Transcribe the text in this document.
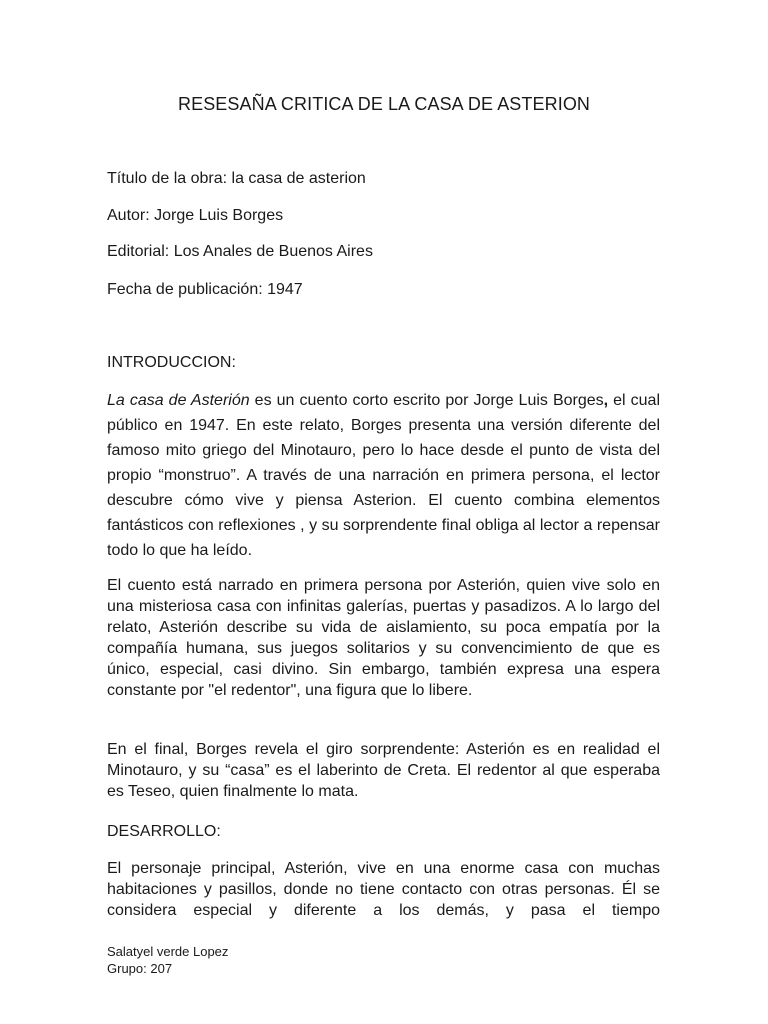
RESESAÑA CRITICA DE LA CASA DE ASTERION
Título de la obra: la casa de asterion
Autor: Jorge Luis Borges
Editorial: Los Anales de Buenos Aires
Fecha de publicación: 1947
INTRODUCCION:
La casa de Asterión es un cuento corto escrito por Jorge Luis Borges, el cual público en 1947. En este relato, Borges presenta una versión diferente del famoso mito griego del Minotauro, pero lo hace desde el punto de vista del propio “monstruo”. A través de una narración en primera persona, el lector descubre cómo vive y piensa Asterion. El cuento combina elementos fantásticos con reflexiones , y su sorprendente final obliga al lector a repensar todo lo que ha leído.
El cuento está narrado en primera persona por Asterión, quien vive solo en una misteriosa casa con infinitas galerías, puertas y pasadizos. A lo largo del relato, Asterión describe su vida de aislamiento, su poca empatía por la compañía humana, sus juegos solitarios y su convencimiento de que es único, especial, casi divino. Sin embargo, también expresa una espera constante por "el redentor", una figura que lo libere.
En el final, Borges revela el giro sorprendente: Asterión es en realidad el Minotauro, y su “casa” es el laberinto de Creta. El redentor al que esperaba es Teseo, quien finalmente lo mata.
DESARROLLO:
El personaje principal, Asterión, vive en una enorme casa con muchas habitaciones y pasillos, donde no tiene contacto con otras personas. Él se considera especial y diferente a los demás, y pasa el tiempo
Salatyel verde Lopez
Grupo: 207
